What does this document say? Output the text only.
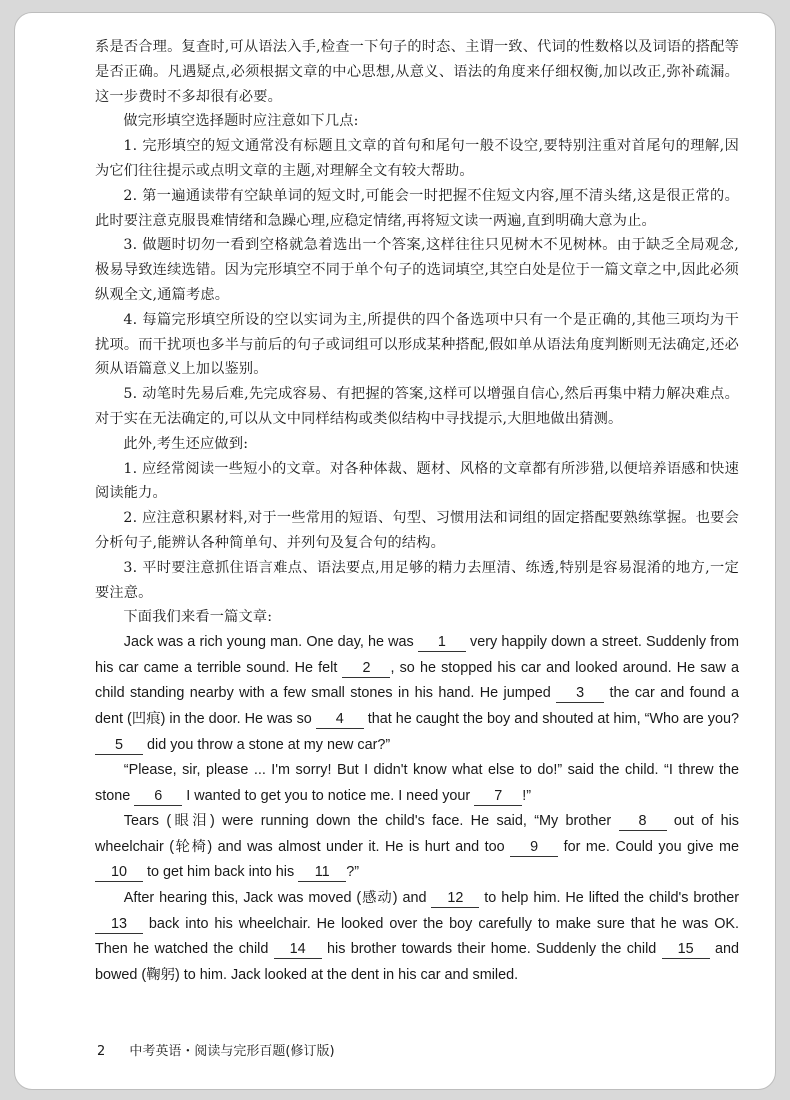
系是否合理。复查时,可从语法入手,检查一下句子的时态、主谓一致、代词的性数格以及词语的搭配等是否正确。凡遇疑点,必须根据文章的中心思想,从意义、语法的角度来仔细权衡,加以改正,弥补疏漏。这一步费时不多却很有必要。

做完形填空选择题时应注意如下几点:

1. 完形填空的短文通常没有标题且文章的首句和尾句一般不设空,要特别注重对首尾句的理解,因为它们往往提示或点明文章的主题,对理解全文有较大帮助。

2. 第一遍通读带有空缺单词的短文时,可能会一时把握不住短文内容,厘不清头绪,这是很正常的。此时要注意克服畏难情绪和急躁心理,应稳定情绪,再将短文读一两遍,直到明确大意为止。

3. 做题时切勿一看到空格就急着选出一个答案,这样往往只见树木不见树林。由于缺乏全局观念,极易导致连续选错。因为完形填空不同于单个句子的选词填空,其空白处是位于一篇文章之中,因此必须纵观全文,通篇考虑。

4. 每篇完形填空所设的空以实词为主,所提供的四个备选项中只有一个是正确的,其他三项均为干扰项。而干扰项也多半与前后的句子或词组可以形成某种搭配,假如单从语法角度判断则无法确定,还必须从语篇意义上加以鉴别。

5. 动笔时先易后难,先完成容易、有把握的答案,这样可以增强自信心,然后再集中精力解决难点。对于实在无法确定的,可以从文中同样结构或类似结构中寻找提示,大胆地做出猜测。

此外,考生还应做到:

1. 应经常阅读一些短小的文章。对各种体裁、题材、风格的文章都有所涉猎,以便培养语感和快速阅读能力。

2. 应注意积累材料,对于一些常用的短语、句型、习惯用法和词组的固定搭配要熟练掌握。也要会分析句子,能辨认各种简单句、并列句及复合句的结构。

3. 平时要注意抓住语言难点、语法要点,用足够的精力去厘清、练透,特别是容易混淆的地方,一定要注意。

下面我们来看一篇文章:

Jack was a rich young man. One day, he was 1 very happily down a street. Suddenly from his car came a terrible sound. He felt 2 , so he stopped his car and looked around. He saw a child standing nearby with a few small stones in his hand. He jumped 3 the car and found a dent (凹痕) in the door. He was so 4 that he caught the boy and shouted at him, “Who are you? 5 did you throw a stone at my new car?”

“Please, sir, please ... I'm sorry! But I didn't know what else to do!” said the child. “I threw the stone 6 I wanted to get you to notice me. I need your 7 !”

Tears (眼泪) were running down the child's face. He said, “My brother 8 out of his wheelchair (轮椅) and was almost under it. He is hurt and too 9 for me. Could you give me 10 to get him back into his 11 ?”

After hearing this, Jack was moved (感动) and 12 to help him. He lifted the child's brother 13 back into his wheelchair. He looked over the boy carefully to make sure that he was OK. Then he watched the child 14 his brother towards their home. Suddenly the child 15 and bowed (鞠躬) to him. Jack looked at the dent in his car and smiled.

2 中考英语・阅读与完形百题(修订版)
